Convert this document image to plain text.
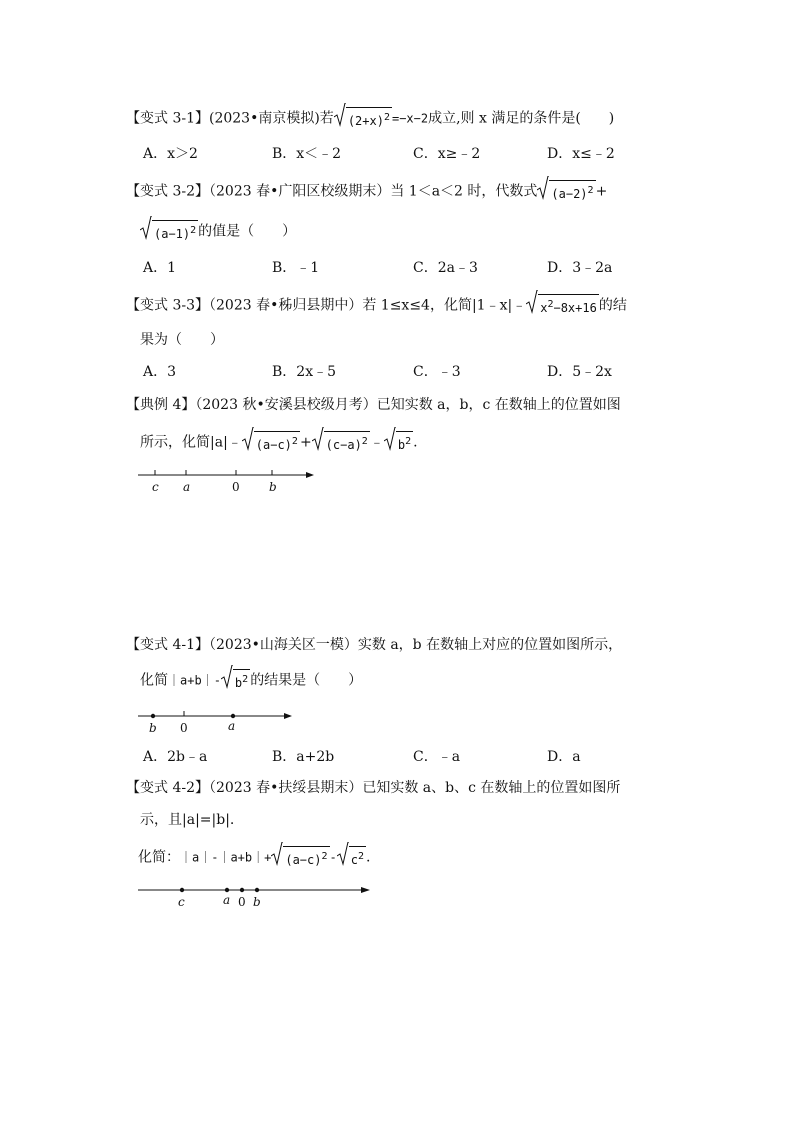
【变式 3-1】(2023•南京模拟)若 $(2+x)^2 =-x-2$成立,则 x 满足的条件是(　　)
A．x＞2	B．x＜﹣2	C．x≥﹣2	D．x≤﹣2
【变式 3-2】（2023 春•广阳区校级期末）当 1＜a＜2 时，代数式 $(a-2)^2$ +
$(a-1)^2$ 的值是（　　）
A．1	B．﹣1	C．2a﹣3	D．3﹣2a
【变式 3-3】（2023 春•秭归县期中）若 1≤x≤4，化简|1﹣x|﹣ $x^2-8x+16$ 的结
果为（　　）
A．3	B．2x﹣5	C．﹣3	D．5﹣2x
【典例 4】（2023 秋•安溪县校级月考）已知实数 a，b，c 在数轴上的位置如图
所示，化简|a|﹣ $(a-c)^2 + (c-a)^2$ ﹣ $b^2$ .
c a	0 b
【变式 4-1】（2023•山海关区一模）实数 a，b 在数轴上对应的位置如图所示，
化简｜a+b｜- $b^2$ 的结果是（　　）
b 0	a
A．2b﹣a	B．a+2b	C．﹣a	D．a
【变式 4-2】（2023 春•扶绥县期末）已知实数 a、b、c 在数轴上的位置如图所
示，且|a|=|b|.
化简：｜a｜-｜a+b｜+ $(a-c)^2 - c^2$ .
c	a 0 b
